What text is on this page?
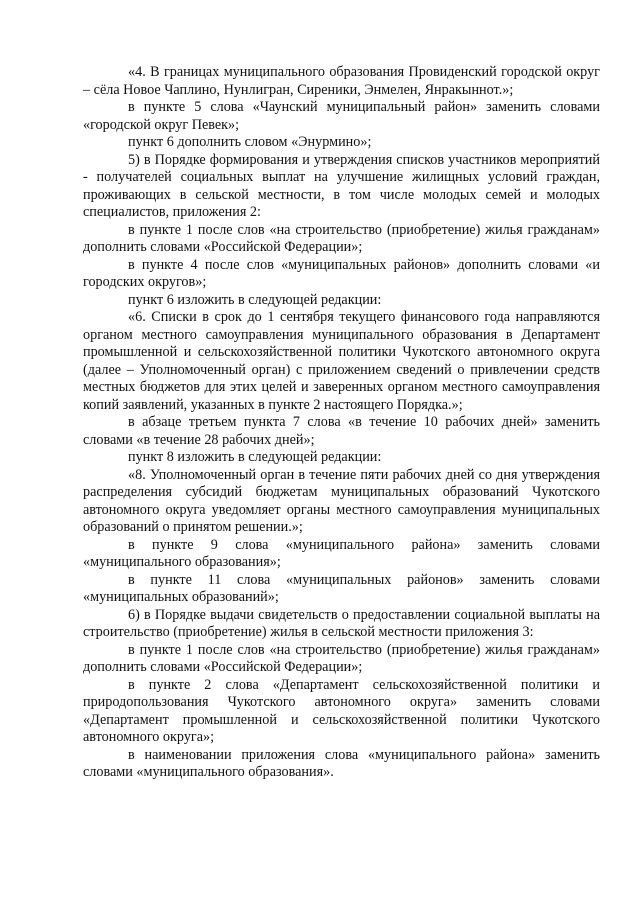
«4. В границах муниципального образования Провиденский городской округ – сёла Новое Чаплино, Нунлигран, Сиреники, Энмелен, Янракыннот.»;

в пункте 5 слова «Чаунский муниципальный район» заменить словами «городской округ Певек»;

пункт 6 дополнить словом «Энурмино»;

5) в Порядке формирования и утверждения списков участников мероприятий - получателей социальных выплат на улучшение жилищных условий граждан, проживающих в сельской местности, в том числе молодых семей и молодых специалистов, приложения 2:

в пункте 1 после слов «на строительство (приобретение) жилья гражданам» дополнить словами «Российской Федерации»;

в пункте 4 после слов «муниципальных районов» дополнить словами «и городских округов»;

пункт 6 изложить в следующей редакции:

«6. Списки в срок до 1 сентября текущего финансового года направляются органом местного самоуправления муниципального образования в Департамент промышленной и сельскохозяйственной политики Чукотского автономного округа (далее – Уполномоченный орган) с приложением сведений о привлечении средств местных бюджетов для этих целей и заверенных органом местного самоуправления копий заявлений, указанных в пункте 2 настоящего Порядка.»;

в абзаце третьем пункта 7 слова «в течение 10 рабочих дней» заменить словами «в течение 28 рабочих дней»;

пункт 8 изложить в следующей редакции:

«8. Уполномоченный орган в течение пяти рабочих дней со дня утверждения распределения субсидий бюджетам муниципальных образований Чукотского автономного округа уведомляет органы местного самоуправления муниципальных образований о принятом решении.»;

в пункте 9 слова «муниципального района» заменить словами «муниципального образования»;

в пункте 11 слова «муниципальных районов» заменить словами «муниципальных образований»;

6) в Порядке выдачи свидетельств о предоставлении социальной выплаты на строительство (приобретение) жилья в сельской местности приложения 3:

в пункте 1 после слов «на строительство (приобретение) жилья гражданам» дополнить словами «Российской Федерации»;

в пункте 2 слова «Департамент сельскохозяйственной политики и природопользования Чукотского автономного округа» заменить словами «Департамент промышленной и сельскохозяйственной политики Чукотского автономного округа»;

в наименовании приложения слова «муниципального района» заменить словами «муниципального образования».
